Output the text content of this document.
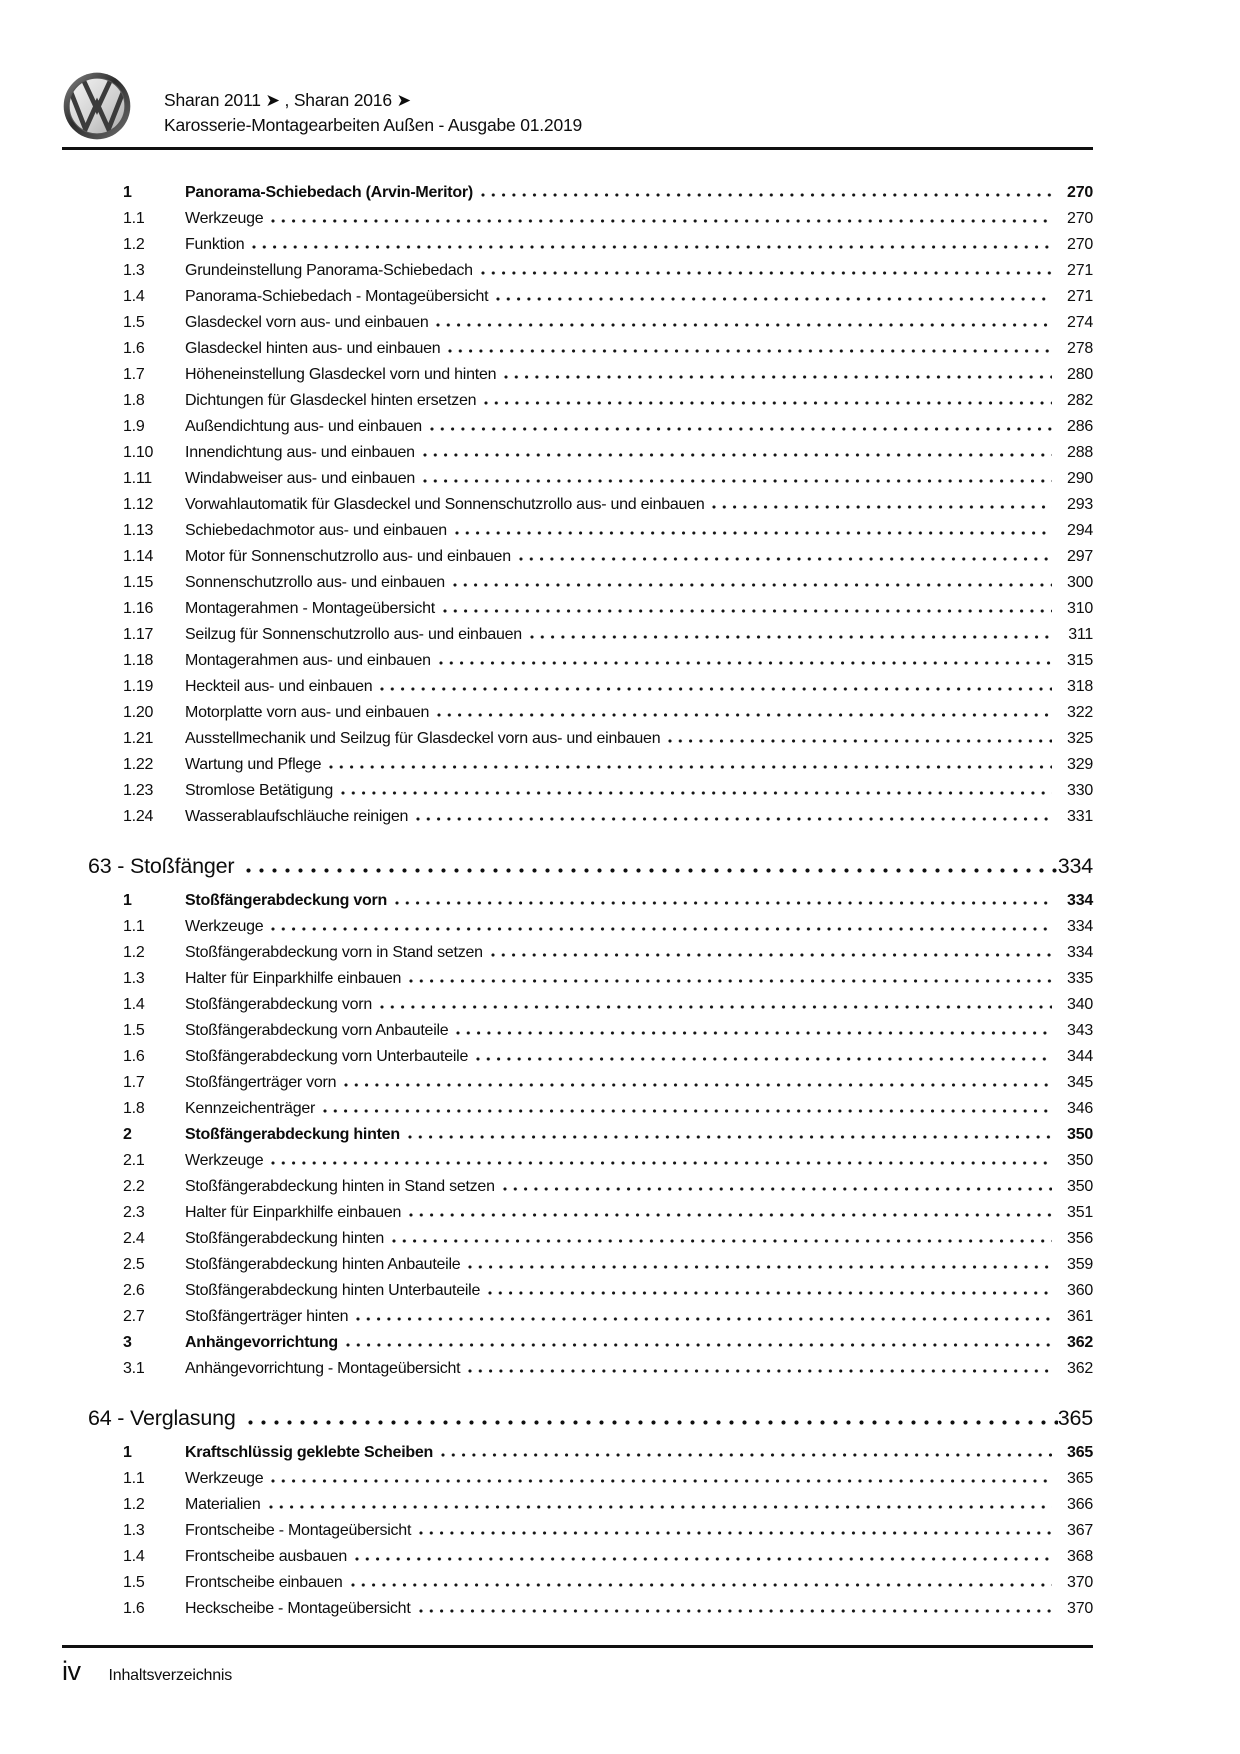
Sharan 2011 ➤ , Sharan 2016 ➤
Karosserie-Montagearbeiten Außen - Ausgabe 01.2019
1	Panorama-Schiebedach (Arvin-Meritor)	270
1.1	Werkzeuge	270
1.2	Funktion	270
1.3	Grundeinstellung Panorama-Schiebedach	271
1.4	Panorama-Schiebedach - Montageübersicht	271
1.5	Glasdeckel vorn aus- und einbauen	274
1.6	Glasdeckel hinten aus- und einbauen	278
1.7	Höheneinstellung Glasdeckel vorn und hinten	280
1.8	Dichtungen für Glasdeckel hinten ersetzen	282
1.9	Außendichtung aus- und einbauen	286
1.10	Innendichtung aus- und einbauen	288
1.11	Windabweiser aus- und einbauen	290
1.12	Vorwahlautomatik für Glasdeckel und Sonnenschutzrollo aus- und einbauen	293
1.13	Schiebedachmotor aus- und einbauen	294
1.14	Motor für Sonnenschutzrollo aus- und einbauen	297
1.15	Sonnenschutzrollo aus- und einbauen	300
1.16	Montagerahmen - Montageübersicht	310
1.17	Seilzug für Sonnenschutzrollo aus- und einbauen	311
1.18	Montagerahmen aus- und einbauen	315
1.19	Heckteil aus- und einbauen	318
1.20	Motorplatte vorn aus- und einbauen	322
1.21	Ausstellmechanik und Seilzug für Glasdeckel vorn aus- und einbauen	325
1.22	Wartung und Pflege	329
1.23	Stromlose Betätigung	330
1.24	Wasserablaufschläuche reinigen	331
63 - Stoßfänger	334
1	Stoßfängerabdeckung vorn	334
1.1	Werkzeuge	334
1.2	Stoßfängerabdeckung vorn in Stand setzen	334
1.3	Halter für Einparkhilfe einbauen	335
1.4	Stoßfängerabdeckung vorn	340
1.5	Stoßfängerabdeckung vorn Anbauteile	343
1.6	Stoßfängerabdeckung vorn Unterbauteile	344
1.7	Stoßfängerträger vorn	345
1.8	Kennzeichenträger	346
2	Stoßfängerabdeckung hinten	350
2.1	Werkzeuge	350
2.2	Stoßfängerabdeckung hinten in Stand setzen	350
2.3	Halter für Einparkhilfe einbauen	351
2.4	Stoßfängerabdeckung hinten	356
2.5	Stoßfängerabdeckung hinten Anbauteile	359
2.6	Stoßfängerabdeckung hinten Unterbauteile	360
2.7	Stoßfängerträger hinten	361
3	Anhängevorrichtung	362
3.1	Anhängevorrichtung - Montageübersicht	362
64 - Verglasung	365
1	Kraftschlüssig geklebte Scheiben	365
1.1	Werkzeuge	365
1.2	Materialien	366
1.3	Frontscheibe - Montageübersicht	367
1.4	Frontscheibe ausbauen	368
1.5	Frontscheibe einbauen	370
1.6	Heckscheibe - Montageübersicht	370
iv Inhaltsverzeichnis
